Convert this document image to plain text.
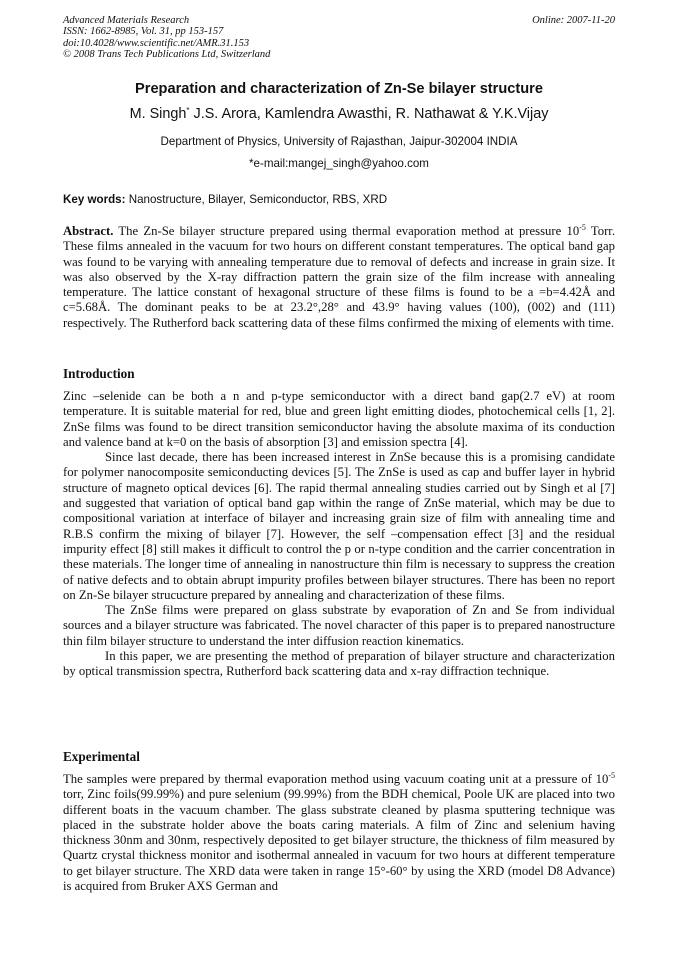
Advanced Materials Research
ISSN: 1662-8985, Vol. 31, pp 153-157
doi:10.4028/www.scientific.net/AMR.31.153
© 2008 Trans Tech Publications Ltd, Switzerland
Online: 2007-11-20
Preparation and characterization of Zn-Se bilayer structure
M. Singh* J.S. Arora, Kamlendra Awasthi, R. Nathawat & Y.K.Vijay
Department of Physics, University of Rajasthan, Jaipur-302004 INDIA
*e-mail:mangej_singh@yahoo.com
Key words: Nanostructure, Bilayer, Semiconductor, RBS, XRD

Abstract. The Zn-Se bilayer structure prepared using thermal evaporation method at pressure $10^{-5}$ Torr. These films annealed in the vacuum for two hours on different constant temperatures. The optical band gap was found to be varying with annealing temperature due to removal of defects and increase in grain size. It was also observed by the X-ray diffraction pattern the grain size of the film increase with annealing temperature. The lattice constant of hexagonal structure of these films is found to be a =b=4.42Å and c=5.68Å. The dominant peaks to be at 23.2°,28° and 43.9° having values (100), (002) and (111) respectively. The Rutherford back scattering data of these films confirmed the mixing of elements with time.

Introduction

Zinc –selenide can be both a n and p-type semiconductor with a direct band gap(2.7 eV) at room temperature. It is suitable material for red, blue and green light emitting diodes, photochemical cells [1, 2]. ZnSe films was found to be direct transition semiconductor having the absolute maxima of its conduction and valence band at k=0 on the basis of absorption [3] and emission spectra [4].

Since last decade, there has been increased interest in ZnSe because this is a promising candidate for polymer nanocomposite semiconducting devices [5]. The ZnSe is used as cap and buffer layer in hybrid structure of magneto optical devices [6]. The rapid thermal annealing studies carried out by Singh et al [7] and suggested that variation of optical band gap within the range of ZnSe material, which may be due to compositional variation at interface of bilayer and increasing grain size of film with annealing time and R.B.S confirm the mixing of bilayer [7]. However, the self –compensation effect [3] and the residual impurity effect [8] still makes it difficult to control the p or n-type condition and the carrier concentration in these materials. The longer time of annealing in nanostructure thin film is necessary to suppress the creation of native defects and to obtain abrupt impurity profiles between bilayer structures. There has been no report on Zn-Se bilayer strucucture prepared by annealing and characterization of these films.

The ZnSe films were prepared on glass substrate by evaporation of Zn and Se from individual sources and a bilayer structure was fabricated. The novel character of this paper is to prepared nanostructure thin film bilayer structure to understand the inter diffusion reaction kinematics.

In this paper, we are presenting the method of preparation of bilayer structure and characterization by optical transmission spectra, Rutherford back scattering data and x-ray diffraction technique.

Experimental

The samples were prepared by thermal evaporation method using vacuum coating unit at a pressure of $10^{-5}$ torr, Zinc foils(99.99%) and pure selenium (99.99%) from the BDH chemical, Poole UK are placed into two different boats in the vacuum chamber. The glass substrate cleaned by plasma sputtering technique was placed in the substrate holder above the boats caring materials. A film of Zinc and selenium having thickness 30nm and 30nm, respectively deposited to get bilayer structure, the thickness of film measured by Quartz crystal thickness monitor and isothermal annealed in vacuum for two hours at different temperature to get bilayer structure. The XRD data were taken in range 15°-60° by using the XRD (model D8 Advance) is acquired from Bruker AXS German and
